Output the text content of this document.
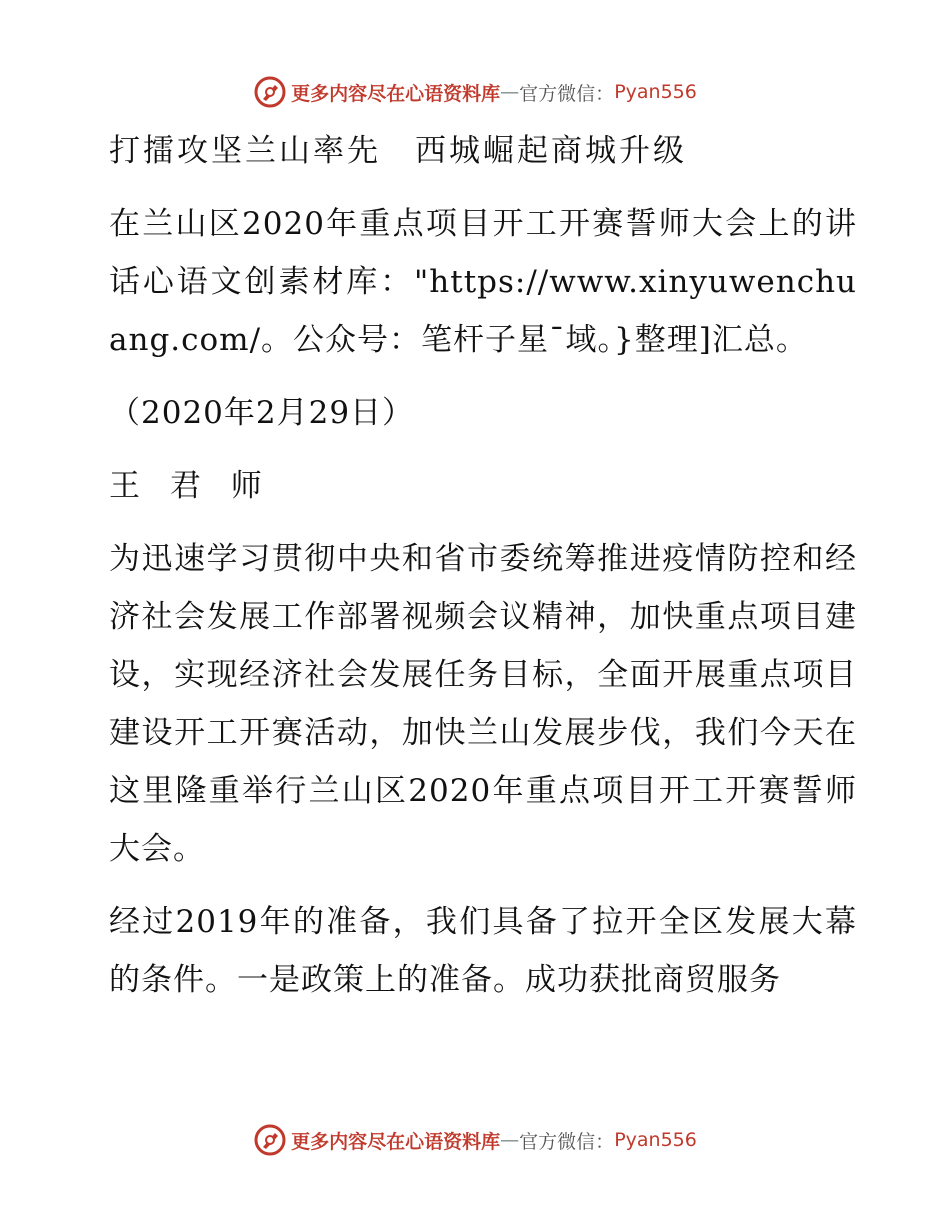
更多内容尽在心语资料库 — 官方微信： Pyan556

打擂攻坚兰山率先　西城崛起商城升级

在兰山区2020年重点项目开工开赛誓师大会上的讲话心语文创素材库："https://www.xinyuwenchuang.com/。公众号：笔杆子星¯域。}整理]汇总。

（2020年2月29日）

王 君 师

为迅速学习贯彻中央和省市委统筹推进疫情防控和经济社会发展工作部署视频会议精神，加快重点项目建设，实现经济社会发展任务目标，全面开展重点项目建设开工开赛活动，加快兰山发展步伐，我们今天在这里隆重举行兰山区2020年重点项目开工开赛誓师大会。

经过2019年的准备，我们具备了拉开全区发展大幕的条件。一是政策上的准备。成功获批商贸服务

更多内容尽在心语资料库 — 官方微信： Pyan556
